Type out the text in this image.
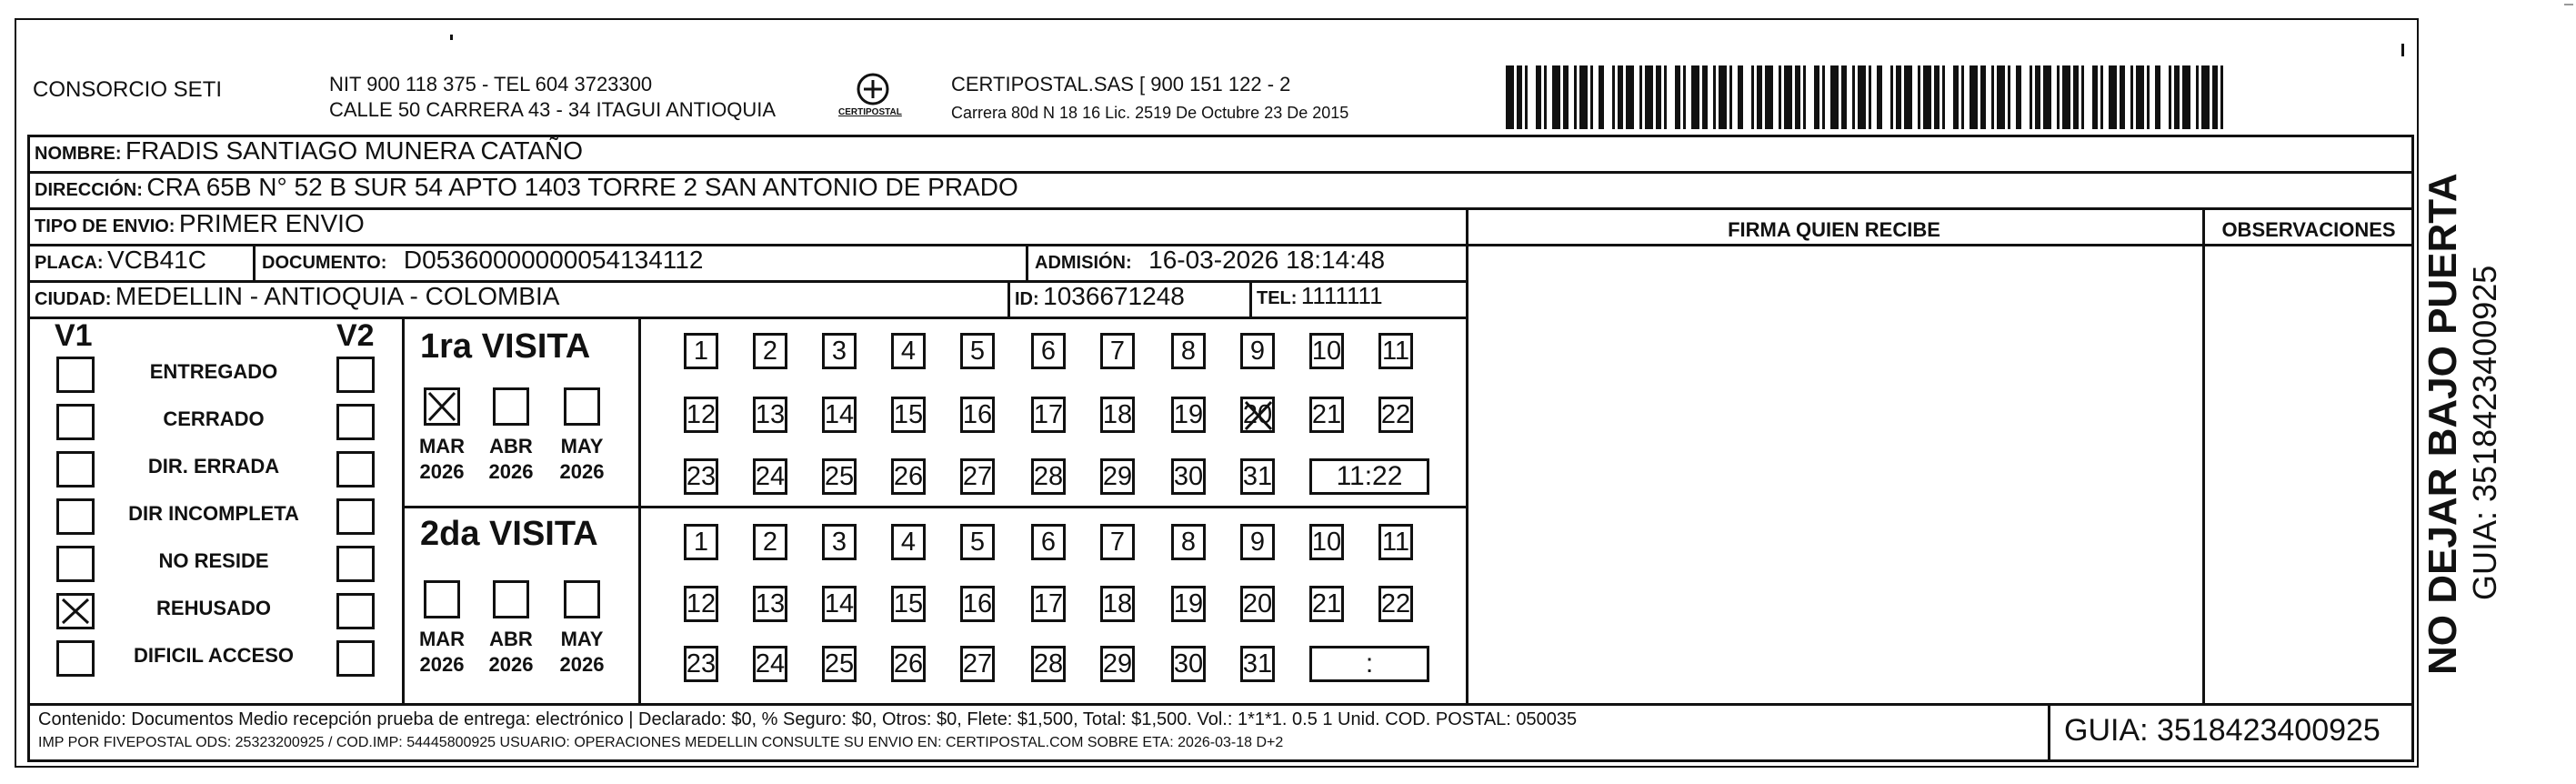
CONSORCIO SETI	NIT 900 118 375 - TEL 604 3723300
CALLE 50 CARRERA 43 - 34 ITAGUI ANTIOQUIA	CERTIPOSTAL
CERTIPOSTAL.SAS [ 900 151 122 - 2
Carrera 80d N 18 16 Lic. 2519 De Octubre 23 De 2015
FIRMA QUIEN RECIBE	OBSERVACIONES
NOMBRE: FRADIS SANTIAGO MUNERA CATAÑO
DIRECCIÓN: CRA 65B N° 52 B SUR 54 APTO 1403 TORRE 2 SAN ANTONIO DE PRADO
TIPO DE ENVIO: PRIMER ENVIO
PLACA: VCB41C	DOCUMENTO: D05360000000054134112	ADMISIÓN: 16-03-2026 18:14:48
CIUDAD: MEDELLIN - ANTIOQUIA - COLOMBIA	ID: 1036671248	TEL: 1111111
V1	V2
ENTREGADO
CERRADO
DIR. ERRADA
DIR INCOMPLETA
NO RESIDE
REHUSADO
DIFICIL ACCESO
1ra VISITA
MAR
2026
ABR
2026
MAY
2026
1	2	3	4	5	6	7	8	9	10 11
12 13 14 15 16 17 18 19 20 21 22
23 24 25 26 27 28 29 30 31	11:22
2da VISITA
MAR
2026
ABR
2026
MAY
2026
1	2	3	4	5	6	7	8	9	10 11
12 13 14 15 16 17 18 19 20 21 22
23 24 25 26 27 28 29 30 31	:
Contenido: Documentos Medio recepción prueba de entrega: electrónico | Declarado: $0, % Seguro: $0, Otros: $0, Flete: $1,500, Total: $1,500. Vol.: 1*1*1. 0.5 1 Unid. COD. POSTAL: 050035
IMP POR FIVEPOSTAL ODS: 25323200925 / COD.IMP: 54445800925 USUARIO: OPERACIONES MEDELLIN CONSULTE SU ENVIO EN: CERTIPOSTAL.COM SOBRE ETA: 2026-03-18 D+2	GUIA: 3518423400925
NO DEJAR BAJO PUERTA GUIA: 3518423400925
